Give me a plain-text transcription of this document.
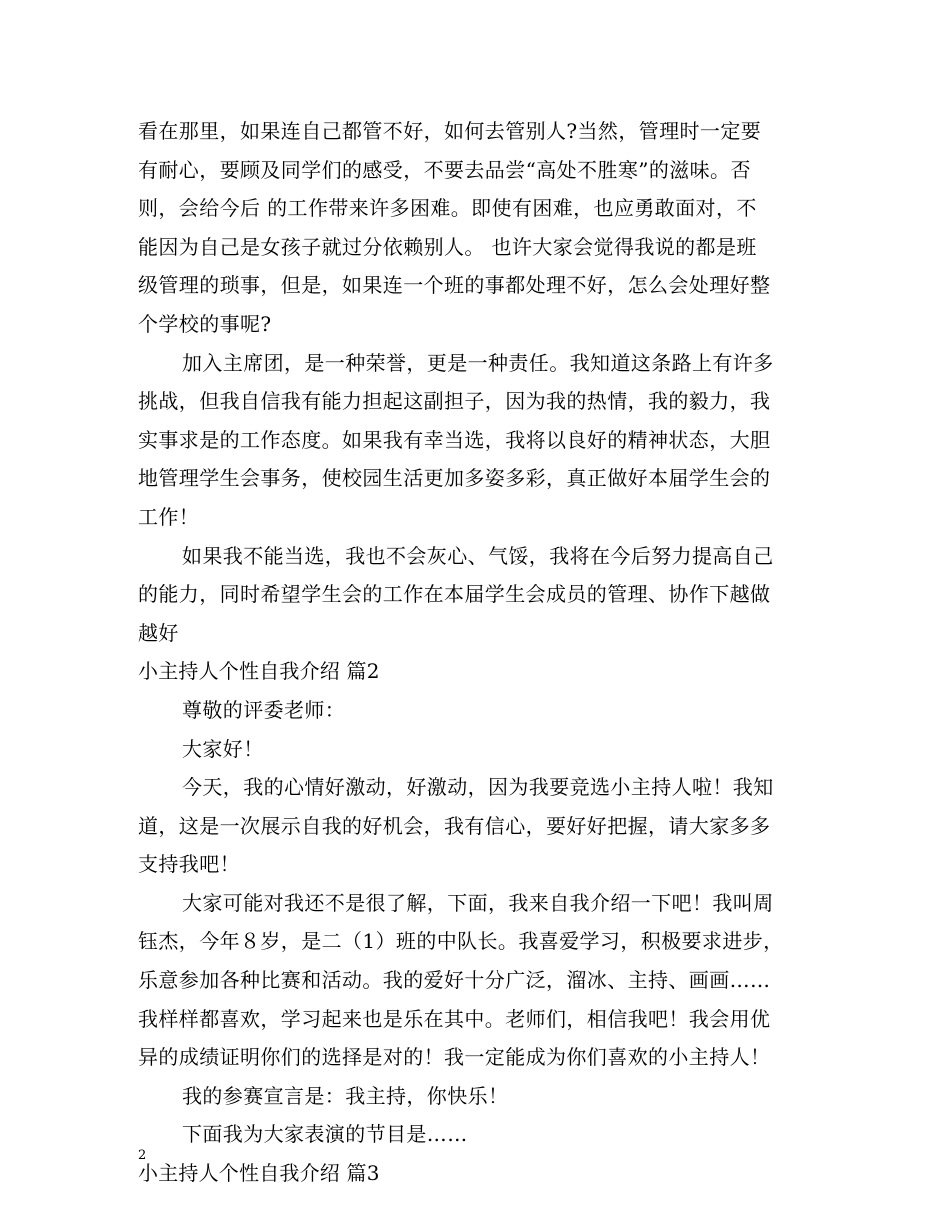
看在那里，如果连自己都管不好，如何去管别人?当然，管理时一定要
有耐心，要顾及同学们的感受，不要去品尝“高处不胜寒”的滋味。否
则，会给今后 的工作带来许多困难。即使有困难，也应勇敢面对，不
能因为自己是女孩子就过分依赖别人。 也许大家会觉得我说的都是班
级管理的琐事，但是，如果连一个班的事都处理不好，怎么会处理好整
个学校的事呢?
加入主席团，是一种荣誉，更是一种责任。我知道这条路上有许多
挑战，但我自信我有能力担起这副担子，因为我的热情，我的毅力，我
实事求是的工作态度。如果我有幸当选，我将以良好的精神状态，大胆
地管理学生会事务，使校园生活更加多姿多彩，真正做好本届学生会的
工作！
如果我不能当选，我也不会灰心、气馁，我将在今后努力提高自己
的能力，同时希望学生会的工作在本届学生会成员的管理、协作下越做
越好
小主持人个性自我介绍 篇2
尊敬的评委老师：
大家好！
今天，我的心情好激动，好激动，因为我要竞选小主持人啦！我知
道，这是一次展示自我的好机会，我有信心，要好好把握，请大家多多
支持我吧！
大家可能对我还不是很了解，下面，我来自我介绍一下吧！我叫周
钰杰，今年８岁，是二（1）班的中队长。我喜爱学习，积极要求进步，
乐意参加各种比赛和活动。我的爱好十分广泛，溜冰、主持、画画……
我样样都喜欢，学习起来也是乐在其中。老师们，相信我吧！我会用优
异的成绩证明你们的选择是对的！我一定能成为你们喜欢的小主持人！
我的参赛宣言是：我主持，你快乐！
下面我为大家表演的节目是……
小主持人个性自我介绍 篇3
2
